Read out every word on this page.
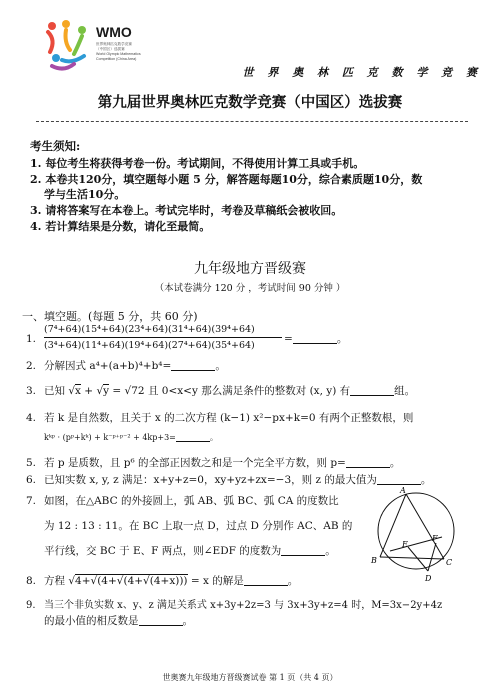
WMO
世界奥林匹克数学竞赛
（中国区）选拔赛
World Olympic Mathematics
Competition (China Area)
世 界 奥 林 匹 克 数 学 竞 赛
第九届世界奥林匹克数学竞赛（中国区）选拔赛
考生须知:
1. 每位考生将获得考卷一份。考试期间，不得使用计算工具或手机。
2. 本卷共120分，填空题每小题 5 分，解答题每题10分，综合素质题10分，数
学与生活10分。
3. 请将答案写在本卷上。考试完毕时，考卷及草稿纸会被收回。
4. 若计算结果是分数，请化至最简。
九年级地方晋级赛
（本试卷满分 120 分 ，考试时间 90 分钟 ）
一、填空题。(每题 5 分，共 60 分)
1.
(7⁴+64)(15⁴+64)(23⁴+64)(31⁴+64)(39⁴+64)
(3⁴+64)(11⁴+64)(19⁴+64)(27⁴+64)(35⁴+64)
=	。
2. 分解因式 a⁴+(a+b)⁴+b⁴=	。
3. 已知 √x + √y = √72 且 0<x<y 那么满足条件的整数对 (x, y) 有	组。
4. 若 k 是自然数，且关于 x 的二次方程 (k−1) x²−px+k=0 有两个正整数根，则
kᵏᵖ · (pᵖ+kᵏ) + k⁻ᵖ⁺ᵖ⁻² + 4kp+3=	。
5. 若 p 是质数，且 p⁶ 的全部正因数之和是一个完全平方数，则 p=	。
6. 已知实数 x, y, z 满足：x+y+z=0，xy+yz+zx=−3，则 z 的最大值为	。
7. 如图，在△ABC 的外接圆上，弧 AB、弧 BC、弧 CA 的度数比
为 12 : 13 : 11。在 BC 上取一点 D，过点 D 分别作 AC、AB 的
平行线，交 BC 于 E、F 两点，则∠EDF 的度数为	。
A
B	C
D
E
F
8. 方程 √4+√(4+√(4+√(4+x))) = x 的解是	。
9. 当三个非负实数 x、y、z 满足关系式 x+3y+2z=3 与 3x+3y+z=4 时，M=3x−2y+4z
的最小值的相反数是	。
世奥赛九年级地方晋级赛试卷 第 1 页（共 4 页）
